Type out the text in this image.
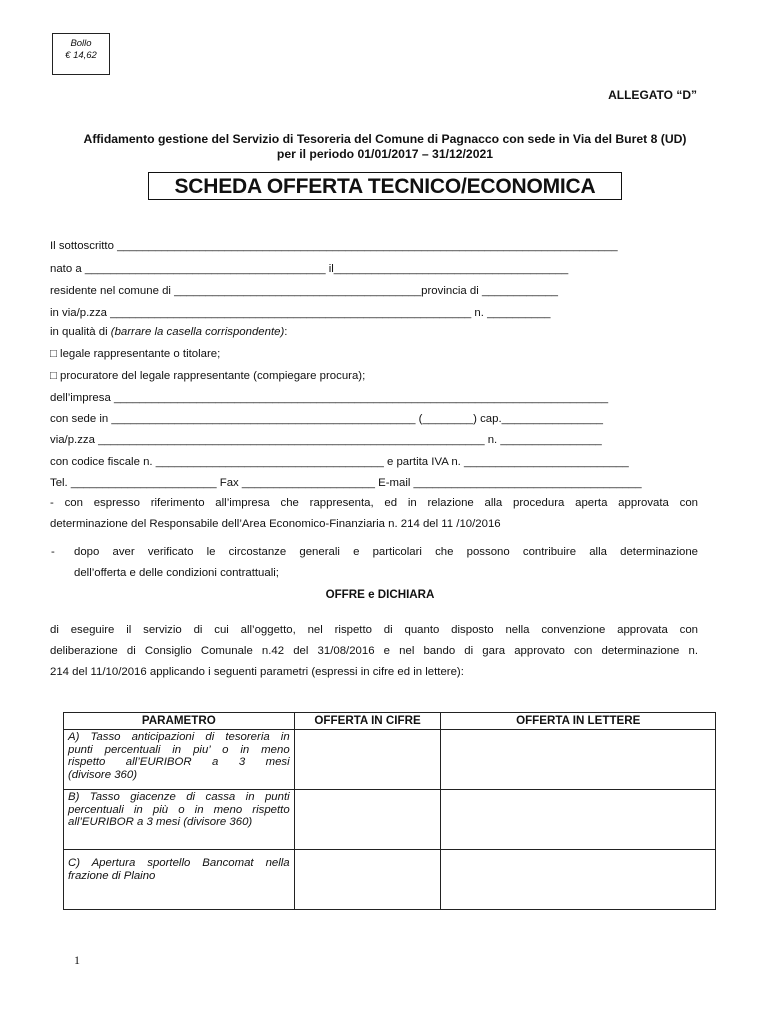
Bollo
€ 14,62
ALLEGATO “D”
Affidamento gestione del Servizio di Tesoreria del Comune di Pagnacco con sede in Via del Buret 8 (UD)
per il periodo 01/01/2017 – 31/12/2021
SCHEDA OFFERTA TECNICO/ECONOMICA
Il sottoscritto _______________________________________________________________________________
nato a ______________________________________ il_____________________________________
residente nel comune di _______________________________________provincia di ____________
in via/p.zza _________________________________________________________ n. __________
in qualità di (barrare la casella corrispondente):
□ legale rappresentante o titolare;
□ procuratore del legale rappresentante (compiegare procura);
dell’impresa ______________________________________________________________________________
con sede in ________________________________________________ (________) cap.________________
via/p.zza _____________________________________________________________ n. ________________
con codice fiscale n. ____________________________________ e partita IVA n. __________________________
Tel. _______________________ Fax _____________________ E-mail ____________________________________
- con espresso riferimento all’impresa che rappresenta, ed in relazione alla procedura aperta approvata con
determinazione del Responsabile dell’Area Economico-Finanziaria n. 214 del 11 /10/2016
- dopo aver verificato le circostanze generali e particolari che possono contribuire alla determinazione
dell’offerta e delle condizioni contrattuali;
OFFRE e DICHIARA
di eseguire il servizio di cui all’oggetto, nel rispetto di quanto disposto nella convenzione approvata con
deliberazione di Consiglio Comunale n.42 del 31/08/2016 e nel bando di gara approvato con determinazione n.
214 del 11/10/2016 applicando i seguenti parametri (espressi in cifre ed in lettere):
PARAMETRO	OFFERTA IN CIFRE	OFFERTA IN LETTERE

A) Tasso anticipazioni di tesoreria in
punti percentuali in piu’ o in meno
rispetto all’EURIBOR a 3 mesi
(divisore 360)		

B) Tasso giacenze di cassa in punti
percentuali in più o in meno rispetto
all’EURIBOR a 3 mesi (divisore 360)		

C) Apertura sportello Bancomat nella
frazione di Plaino		

1
